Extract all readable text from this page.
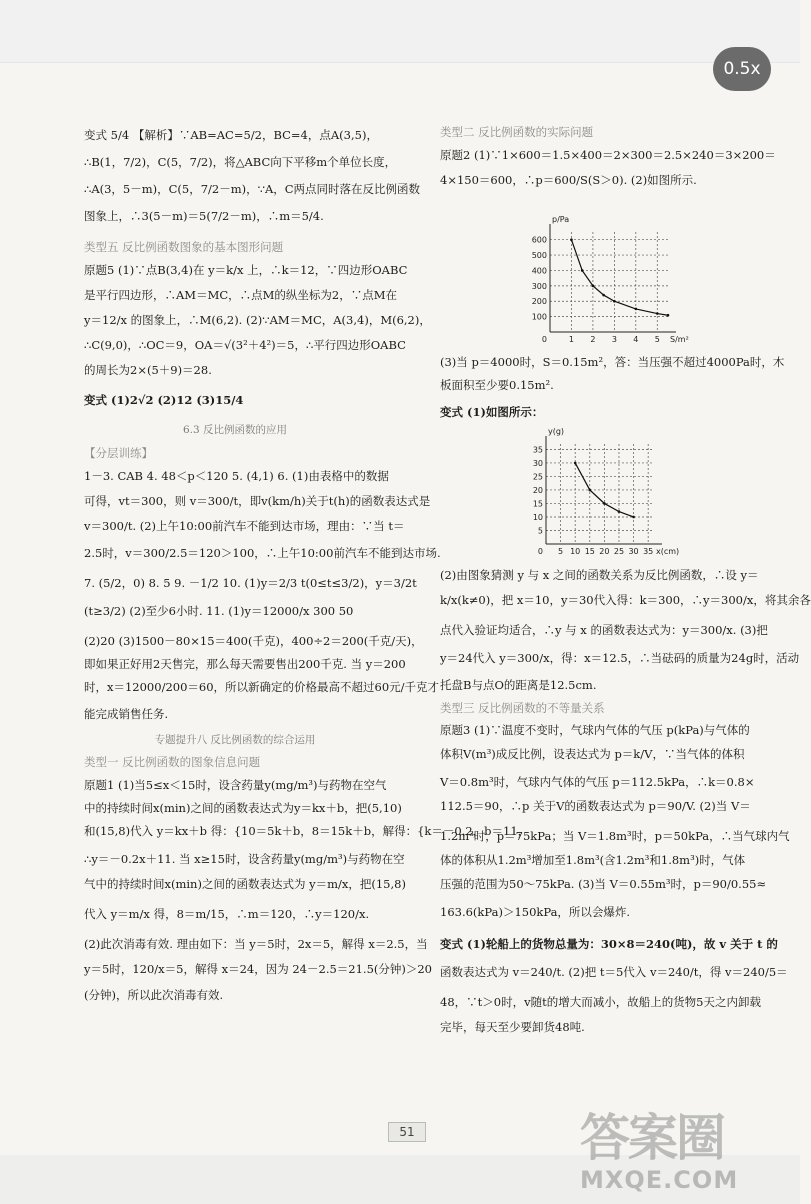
0.5x
变式 5/4 【解析】∵AB=AC=5/2，BC=4，点A(3,5)，
∴B(1，7/2)，C(5，7/2)，将△ABC向下平移m个单位长度，
∴A(3，5－m)，C(5，7/2－m)，∵A，C两点同时落在反比例函数
图象上，∴3(5－m)＝5(7/2－m)，∴m＝5/4.
类型五 反比例函数图象的基本图形问题
原题5 (1)∵点B(3,4)在 y＝k/x 上，∴k＝12，∵四边形OABC
是平行四边形，∴AM＝MC，∴点M的纵坐标为2，∵点M在
y＝12/x 的图象上，∴M(6,2). (2)∵AM＝MC，A(3,4)，M(6,2)，
∴C(9,0)，∴OC＝9，OA＝√(3²＋4²)＝5，∴平行四边形OABC
的周长为2×(5＋9)＝28.
变式 (1)2√2 (2)12 (3)15/4
6.3 反比例函数的应用
【分层训练】
1－3. CAB 4. 48＜p＜120 5. (4,1) 6. (1)由表格中的数据
可得，vt＝300，则 v＝300/t，即v(km/h)关于t(h)的函数表达式是
v＝300/t. (2)上午10:00前汽车不能到达市场，理由：∵当 t＝
2.5时，v＝300/2.5＝120＞100，∴上午10:00前汽车不能到达市场.
7. (5/2，0) 8. 5 9. －1/2 10. (1)y＝2/3 t(0≤t≤3/2)，y＝3/2t
(t≥3/2) (2)至少6小时. 11. (1)y＝12000/x 300 50
(2)20 (3)1500－80×15＝400(千克)，400÷2＝200(千克/天)，
即如果正好用2天售完，那么每天需要售出200千克. 当 y＝200
时，x＝12000/200＝60，所以新确定的价格最高不超过60元/千克才
能完成销售任务.
专题提升八 反比例函数的综合运用
类型一 反比例函数的图象信息问题
原题1 (1)当5≤x＜15时，设含药量y(mg/m³)与药物在空气
中的持续时间x(min)之间的函数表达式为y＝kx＋b，把(5,10)
和(15,8)代入 y＝kx＋b 得：{10＝5k＋b，8＝15k＋b，解得：{k＝－0.2，b＝11，
∴y＝－0.2x＋11. 当 x≥15时，设含药量y(mg/m³)与药物在空
气中的持续时间x(min)之间的函数表达式为 y＝m/x，把(15,8)
代入 y＝m/x 得，8＝m/15，∴m＝120，∴y＝120/x.
(2)此次消毒有效. 理由如下：当 y＝5时，2x＝5，解得 x＝2.5，当
y＝5时，120/x＝5，解得 x＝24，因为 24－2.5＝21.5(分钟)＞20
(分钟)，所以此次消毒有效.
类型二 反比例函数的实际问题
原题2 (1)∵1×600＝1.5×400＝2×300＝2.5×240＝3×200＝
4×150＝600，∴p＝600/S(S＞0). (2)如图所示.
1 2 3 4 5
100
200
300
400
500
600
0
p/Pa
S/m²
(3)当 p＝4000时，S＝0.15m²，答：当压强不超过4000Pa时，木
板面积至少要0.15m².
变式 (1)如图所示：
5 10 15 20 25 30 35
5
10
15
20
25
30
35
0
y(g)
x(cm)
(2)由图象猜测 y 与 x 之间的函数关系为反比例函数，∴设 y＝
k/x(k≠0)，把 x＝10，y＝30代入得：k＝300，∴y＝300/x，将其余各
点代入验证均适合，∴y 与 x 的函数表达式为：y＝300/x. (3)把
y＝24代入 y＝300/x，得：x＝12.5，∴当砝码的质量为24g时，活动
托盘B与点O的距离是12.5cm.
类型三 反比例函数的不等量关系
原题3 (1)∵温度不变时，气球内气体的气压 p(kPa)与气体的
体积V(m³)成反比例，设表达式为 p＝k/V，∵当气体的体积
V＝0.8m³时，气球内气体的气压 p＝112.5kPa，∴k＝0.8×
112.5＝90，∴p 关于V的函数表达式为 p＝90/V. (2)当 V＝
1.2m³时，p＝75kPa；当 V＝1.8m³时，p＝50kPa，∴当气球内气
体的体积从1.2m³增加至1.8m³(含1.2m³和1.8m³)时，气体
压强的范围为50～75kPa. (3)当 V＝0.55m³时，p＝90/0.55≈
163.6(kPa)＞150kPa，所以会爆炸.
变式 (1)轮船上的货物总量为：30×8＝240(吨)，故 v 关于 t 的
函数表达式为 v＝240/t. (2)把 t＝5代入 v＝240/t，得 v＝240/5＝
48，∵t＞0时，v随t的增大而减小，故船上的货物5天之内卸载
完毕，每天至少要卸货48吨.
51	答案圈
MXQE.COM
